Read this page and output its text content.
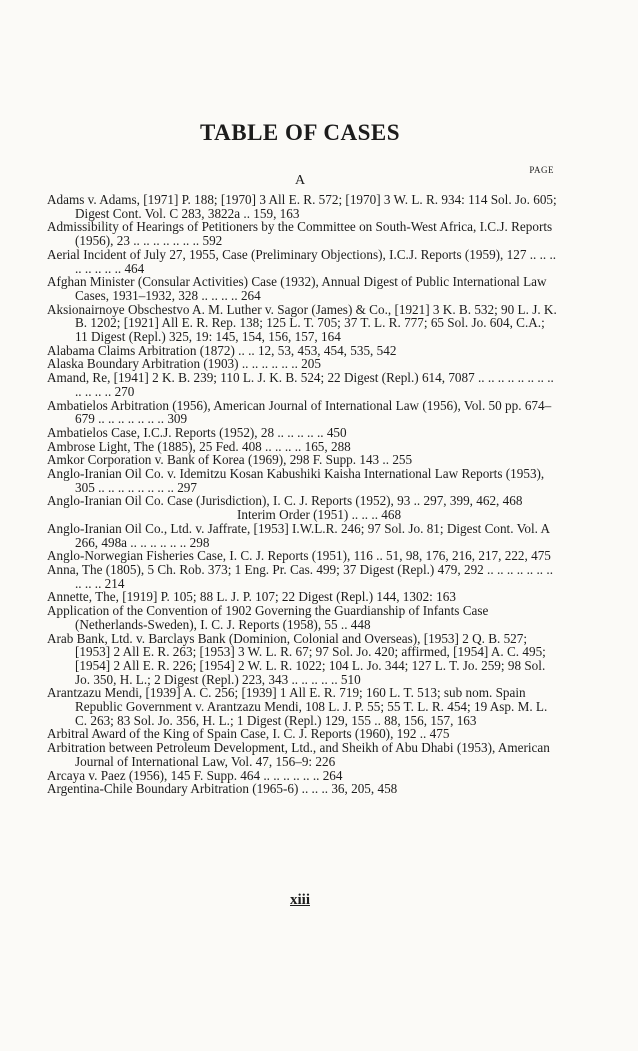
TABLE OF CASES
PAGE
A

Adams v. Adams, [1971] P. 188; [1970] 3 All E. R. 572; [1970] 3 W. L. R. 934: 114 Sol. Jo. 605; Digest Cont. Vol. C 283, 3822a .. 159, 163

Admissibility of Hearings of Petitioners by the Committee on South-West Africa, I.C.J. Reports (1956), 23 .. .. .. .. .. .. .. 592

Aerial Incident of July 27, 1955, Case (Preliminary Objections), I.C.J. Reports (1959), 127 .. .. .. .. .. .. .. .. 464

Afghan Minister (Consular Activities) Case (1932), Annual Digest of Public International Law Cases, 1931–1932, 328 .. .. .. .. 264

Aksionairnoye Obschestvo A. M. Luther v. Sagor (James) & Co., [1921] 3 K. B. 532; 90 L. J. K. B. 1202; [1921] All E. R. Rep. 138; 125 L. T. 705; 37 T. L. R. 777; 65 Sol. Jo. 604, C.A.; 11 Digest (Repl.) 325, 19: 145, 154, 156, 157, 164

Alabama Claims Arbitration (1872) .. .. 12, 53, 453, 454, 535, 542

Alaska Boundary Arbitration (1903) .. .. .. .. .. .. 205

Amand, Re, [1941] 2 K. B. 239; 110 L. J. K. B. 524; 22 Digest (Repl.) 614, 7087 .. .. .. .. .. .. .. .. .. .. .. .. 270

Ambatielos Arbitration (1956), American Journal of International Law (1956), Vol. 50 pp. 674–679 .. .. .. .. .. .. .. 309

Ambatielos Case, I.C.J. Reports (1952), 28 .. .. .. .. .. 450

Ambrose Light, The (1885), 25 Fed. 408 .. .. .. .. 165, 288

Amkor Corporation v. Bank of Korea (1969), 298 F. Supp. 143 .. 255

Anglo-Iranian Oil Co. v. Idemitzu Kosan Kabushiki Kaisha International Law Reports (1953), 305 .. .. .. .. .. .. .. .. 297

Anglo-Iranian Oil Co. Case (Jurisdiction), I. C. J. Reports (1952), 93 .. 297, 399, 462, 468

Interim Order (1951) .. .. .. 468

Anglo-Iranian Oil Co., Ltd. v. Jaffrate, [1953] I.W.L.R. 246; 97 Sol. Jo. 81; Digest Cont. Vol. A 266, 498a .. .. .. .. .. .. 298

Anglo-Norwegian Fisheries Case, I. C. J. Reports (1951), 116 .. 51, 98, 176, 216, 217, 222, 475

Anna, The (1805), 5 Ch. Rob. 373; 1 Eng. Pr. Cas. 499; 37 Digest (Repl.) 479, 292 .. .. .. .. .. .. .. .. .. .. 214

Annette, The, [1919] P. 105; 88 L. J. P. 107; 22 Digest (Repl.) 144, 1302: 163

Application of the Convention of 1902 Governing the Guardianship of Infants Case (Netherlands-Sweden), I. C. J. Reports (1958), 55 .. 448

Arab Bank, Ltd. v. Barclays Bank (Dominion, Colonial and Overseas), [1953] 2 Q. B. 527; [1953] 2 All E. R. 263; [1953] 3 W. L. R. 67; 97 Sol. Jo. 420; affirmed, [1954] A. C. 495; [1954] 2 All E. R. 226; [1954] 2 W. L. R. 1022; 104 L. Jo. 344; 127 L. T. Jo. 259; 98 Sol. Jo. 350, H. L.; 2 Digest (Repl.) 223, 343 .. .. .. .. .. 510

Arantzazu Mendi, [1939] A. C. 256; [1939] 1 All E. R. 719; 160 L. T. 513; sub nom. Spain Republic Government v. Arantzazu Mendi, 108 L. J. P. 55; 55 T. L. R. 454; 19 Asp. M. L. C. 263; 83 Sol. Jo. 356, H. L.; 1 Digest (Repl.) 129, 155 .. 88, 156, 157, 163

Arbitral Award of the King of Spain Case, I. C. J. Reports (1960), 192 .. 475

Arbitration between Petroleum Development, Ltd., and Sheikh of Abu Dhabi (1953), American Journal of International Law, Vol. 47, 156–9: 226

Arcaya v. Paez (1956), 145 F. Supp. 464 .. .. .. .. .. .. 264

Argentina-Chile Boundary Arbitration (1965-6) .. .. .. 36, 205, 458

xiii
